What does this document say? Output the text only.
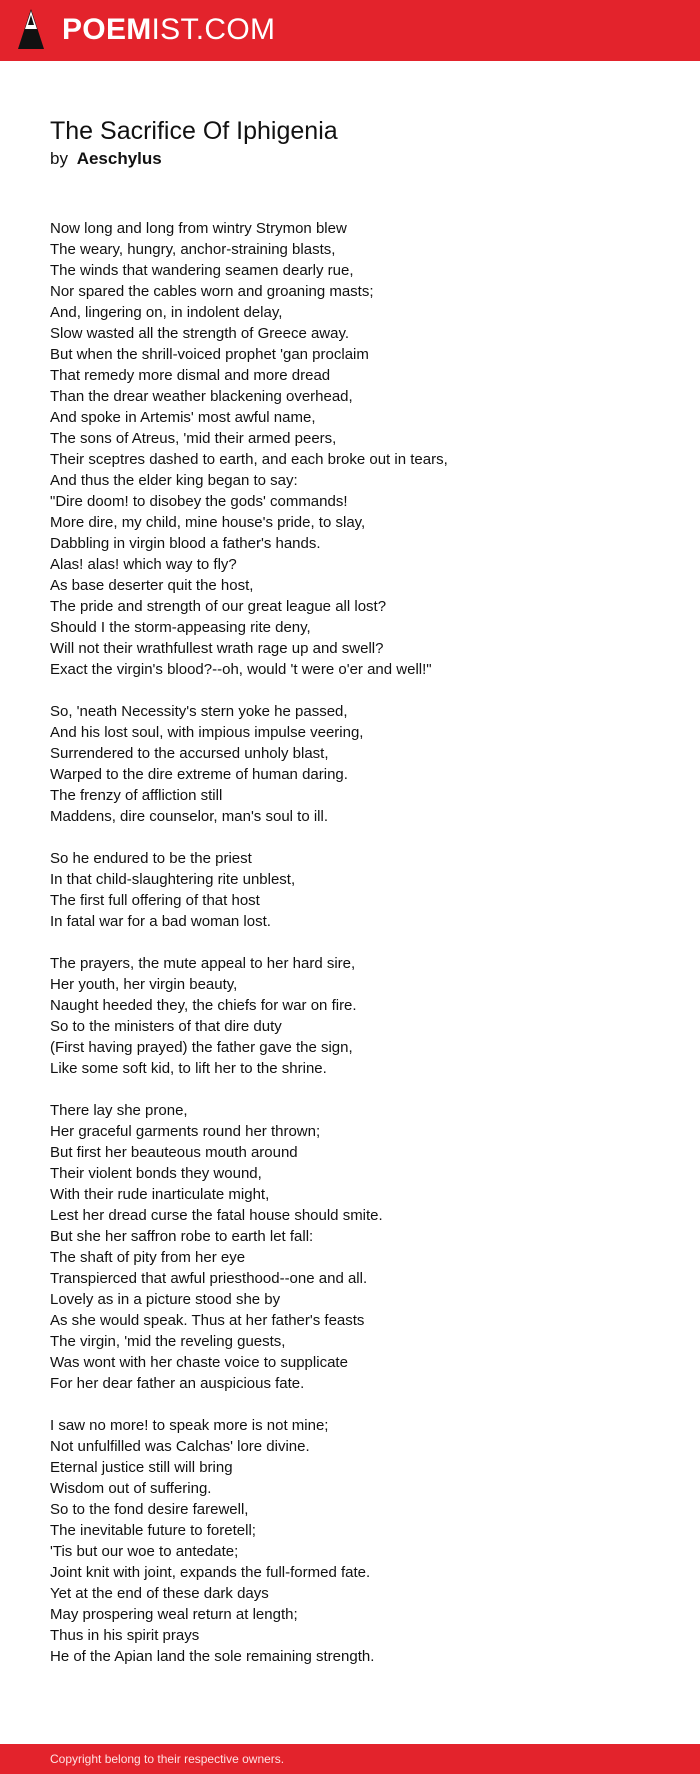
POEMIST.COM
The Sacrifice Of Iphigenia
by Aeschylus
Now long and long from wintry Strymon blew
The weary, hungry, anchor-straining blasts,
The winds that wandering seamen dearly rue,
Nor spared the cables worn and groaning masts;
And, lingering on, in indolent delay,
Slow wasted all the strength of Greece away.
But when the shrill-voiced prophet 'gan proclaim
That remedy more dismal and more dread
Than the drear weather blackening overhead,
And spoke in Artemis' most awful name,
The sons of Atreus, 'mid their armed peers,
Their sceptres dashed to earth, and each broke out in tears,
And thus the elder king began to say:
"Dire doom! to disobey the gods' commands!
More dire, my child, mine house's pride, to slay,
Dabbling in virgin blood a father's hands.
Alas! alas! which way to fly?
As base deserter quit the host,
The pride and strength of our great league all lost?
Should I the storm-appeasing rite deny,
Will not their wrathfullest wrath rage up and swell?
Exact the virgin's blood?--oh, would 't were o'er and well!"
So, 'neath Necessity's stern yoke he passed,
And his lost soul, with impious impulse veering,
Surrendered to the accursed unholy blast,
Warped to the dire extreme of human daring.
The frenzy of affliction still
Maddens, dire counselor, man's soul to ill.
So he endured to be the priest
In that child-slaughtering rite unblest,
The first full offering of that host
In fatal war for a bad woman lost.
The prayers, the mute appeal to her hard sire,
Her youth, her virgin beauty,
Naught heeded they, the chiefs for war on fire.
So to the ministers of that dire duty
(First having prayed) the father gave the sign,
Like some soft kid, to lift her to the shrine.
There lay she prone,
Her graceful garments round her thrown;
But first her beauteous mouth around
Their violent bonds they wound,
With their rude inarticulate might,
Lest her dread curse the fatal house should smite.
But she her saffron robe to earth let fall:
The shaft of pity from her eye
Transpierced that awful priesthood--one and all.
Lovely as in a picture stood she by
As she would speak. Thus at her father's feasts
The virgin, 'mid the reveling guests,
Was wont with her chaste voice to supplicate
For her dear father an auspicious fate.
I saw no more! to speak more is not mine;
Not unfulfilled was Calchas' lore divine.
Eternal justice still will bring
Wisdom out of suffering.
So to the fond desire farewell,
The inevitable future to foretell;
'Tis but our woe to antedate;
Joint knit with joint, expands the full-formed fate.
Yet at the end of these dark days
May prospering weal return at length;
Thus in his spirit prays
He of the Apian land the sole remaining strength.
Copyright belong to their respective owners.
